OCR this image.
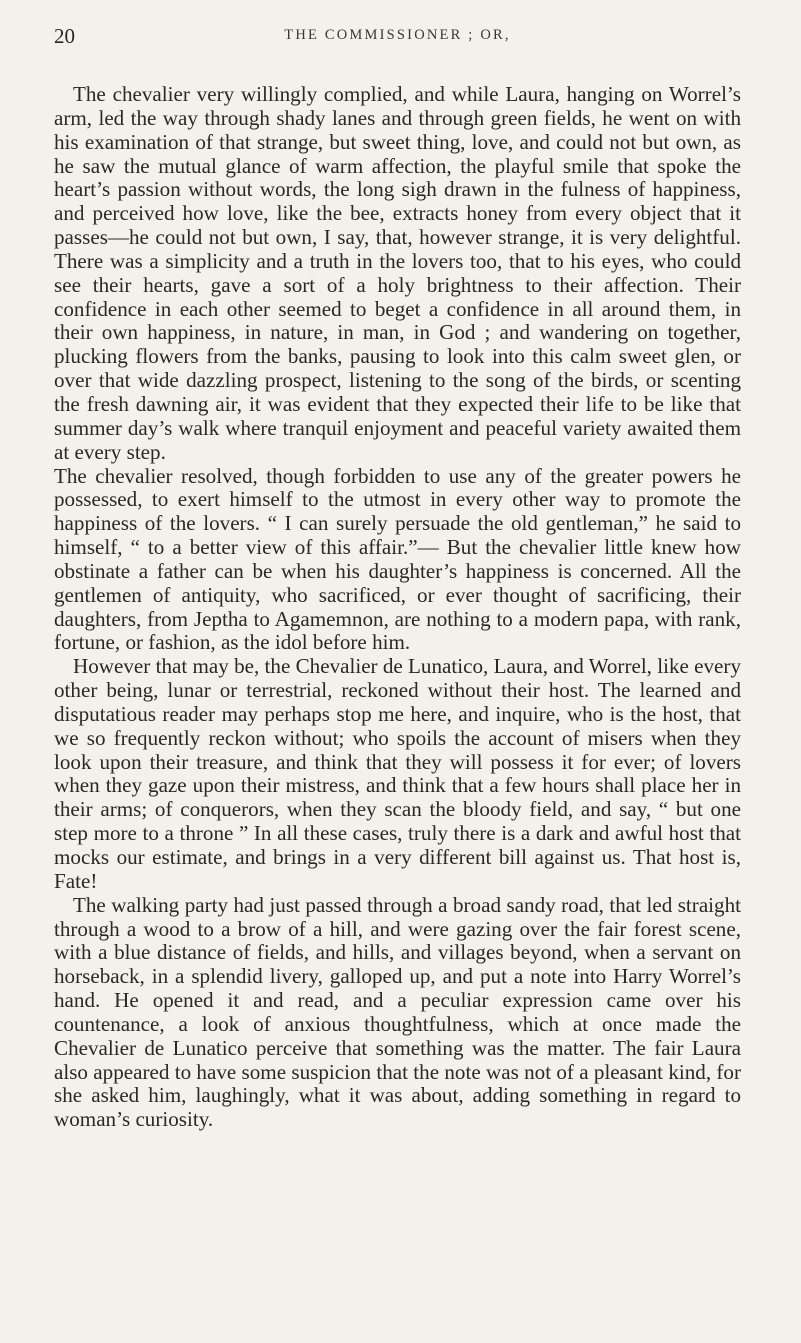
20	THE COMMISSIONER ; OR,

The chevalier very willingly complied, and while Laura, hanging on Worrel’s arm, led the way through shady lanes and through green fields, he went on with his examination of that strange, but sweet thing, love, and could not but own, as he saw the mutual glance of warm affection, the playful smile that spoke the heart’s passion without words, the long sigh drawn in the fulness of happiness, and perceived how love, like the bee, extracts honey from every object that it passes—he could not but own, I say, that, however strange, it is very delightful. There was a simplicity and a truth in the lovers too, that to his eyes, who could see their hearts, gave a sort of a holy brightness to their affection. Their confidence in each other seemed to beget a confidence in all around them, in their own happiness, in nature, in man, in God ; and wandering on together, plucking flowers from the banks, pausing to look into this calm sweet glen, or over that wide dazzling prospect, listening to the song of the birds, or scenting the fresh dawning air, it was evident that they expected their life to be like that summer day’s walk where tranquil enjoyment and peaceful variety awaited them at every step.

The chevalier resolved, though forbidden to use any of the greater powers he possessed, to exert himself to the utmost in every other way to promote the happiness of the lovers. “ I can surely persuade the old gentleman,” he said to himself, “ to a better view of this affair.”— But the chevalier little knew how obstinate a father can be when his daughter’s happiness is concerned. All the gentlemen of antiquity, who sacrificed, or ever thought of sacrificing, their daughters, from Jeptha to Agamemnon, are nothing to a modern papa, with rank, fortune, or fashion, as the idol before him.

However that may be, the Chevalier de Lunatico, Laura, and Worrel, like every other being, lunar or terrestrial, reckoned without their host. The learned and disputatious reader may perhaps stop me here, and inquire, who is the host, that we so frequently reckon without; who spoils the account of misers when they look upon their treasure, and think that they will possess it for ever; of lovers when they gaze upon their mistress, and think that a few hours shall place her in their arms; of conquerors, when they scan the bloody field, and say, “ but one step more to a throne ” In all these cases, truly there is a dark and awful host that mocks our estimate, and brings in a very different bill against us. That host is, Fate!

The walking party had just passed through a broad sandy road, that led straight through a wood to a brow of a hill, and were gazing over the fair forest scene, with a blue distance of fields, and hills, and villages beyond, when a servant on horseback, in a splendid livery, galloped up, and put a note into Harry Worrel’s hand. He opened it and read, and a peculiar expression came over his countenance, a look of anxious thoughtfulness, which at once made the Chevalier de Lunatico perceive that something was the matter. The fair Laura also appeared to have some suspicion that the note was not of a pleasant kind, for she asked him, laughingly, what it was about, adding something in regard to woman’s curiosity.
